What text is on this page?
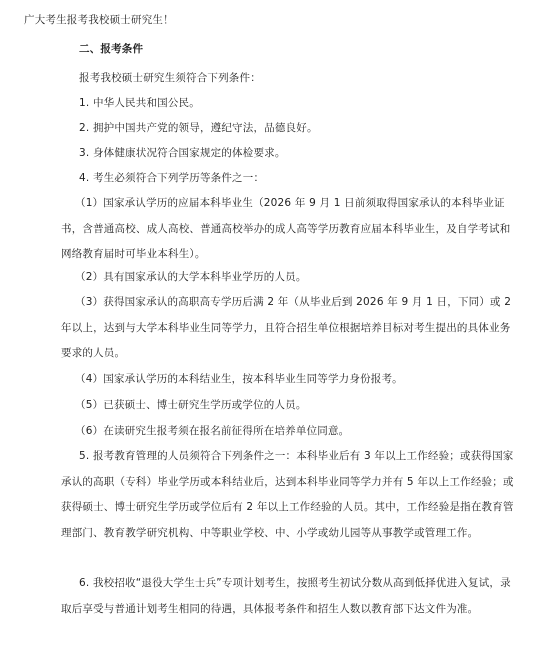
广大考生报考我校硕士研究生！
二、报考条件
报考我校硕士研究生须符合下列条件：
1. 中华人民共和国公民。
2. 拥护中国共产党的领导，遵纪守法，品德良好。
3. 身体健康状况符合国家规定的体检要求。
4. 考生必须符合下列学历等条件之一：
（1）国家承认学历的应届本科毕业生（2026 年 9 月 1 日前须取得国家承认的本科毕业证书，含普通高校、成人高校、普通高校举办的成人高等学历教育应届本科毕业生，及自学考试和网络教育届时可毕业本科生）。
（2）具有国家承认的大学本科毕业学历的人员。
（3）获得国家承认的高职高专学历后满 2 年（从毕业后到 2026 年 9 月 1 日，下同）或 2 年以上，达到与大学本科毕业生同等学力，且符合招生单位根据培养目标对考生提出的具体业务要求的人员。
（4）国家承认学历的本科结业生，按本科毕业生同等学力身份报考。
（5）已获硕士、博士研究生学历或学位的人员。
（6）在读研究生报考须在报名前征得所在培养单位同意。
5. 报考教育管理的人员须符合下列条件之一：本科毕业后有 3 年以上工作经验；或获得国家承认的高职（专科）毕业学历或本科结业后，达到本科毕业同等学力并有 5 年以上工作经验；或获得硕士、博士研究生学历或学位后有 2 年以上工作经验的人员。其中，工作经验是指在教育管理部门、教育教学研究机构、中等职业学校、中、小学或幼儿园等从事教学或管理工作。
6. 我校招收“退役大学生士兵”专项计划考生，按照考生初试分数从高到低择优进入复试，录取后享受与普通计划考生相同的待遇，具体报考条件和招生人数以教育部下达文件为准。
